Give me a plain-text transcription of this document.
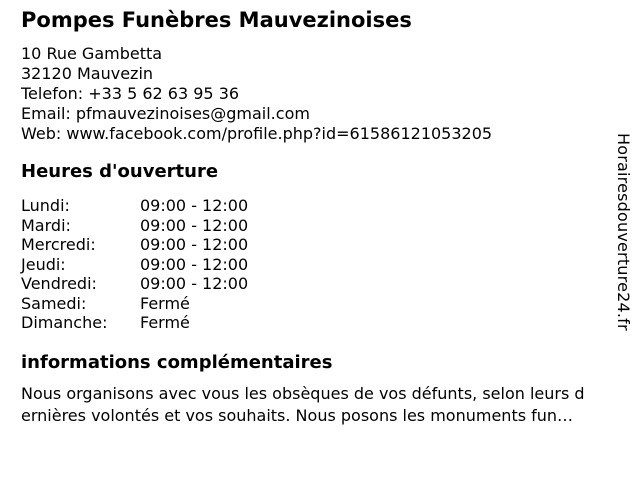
Pompes Funèbres Mauvezinoises
10 Rue Gambetta
32120 Mauvezin
Telefon: +33 5 62 63 95 36
Email: pfmauvezinoises@gmail.com
Web: www.facebook.com/profile.php?id=61586121053205
Heures d'ouverture
Lundi:	09:00 - 12:00
Mardi:	09:00 - 12:00
Mercredi:	09:00 - 12:00
Jeudi:	09:00 - 12:00
Vendredi:	09:00 - 12:00
Samedi:	Fermé
Dimanche:	Fermé
informations complémentaires
Nous organisons avec vous les obsèques de vos défunts, selon leurs d
ernières volontés et vos souhaits. Nous posons les monuments fun…
Horairesdouverture24.fr
